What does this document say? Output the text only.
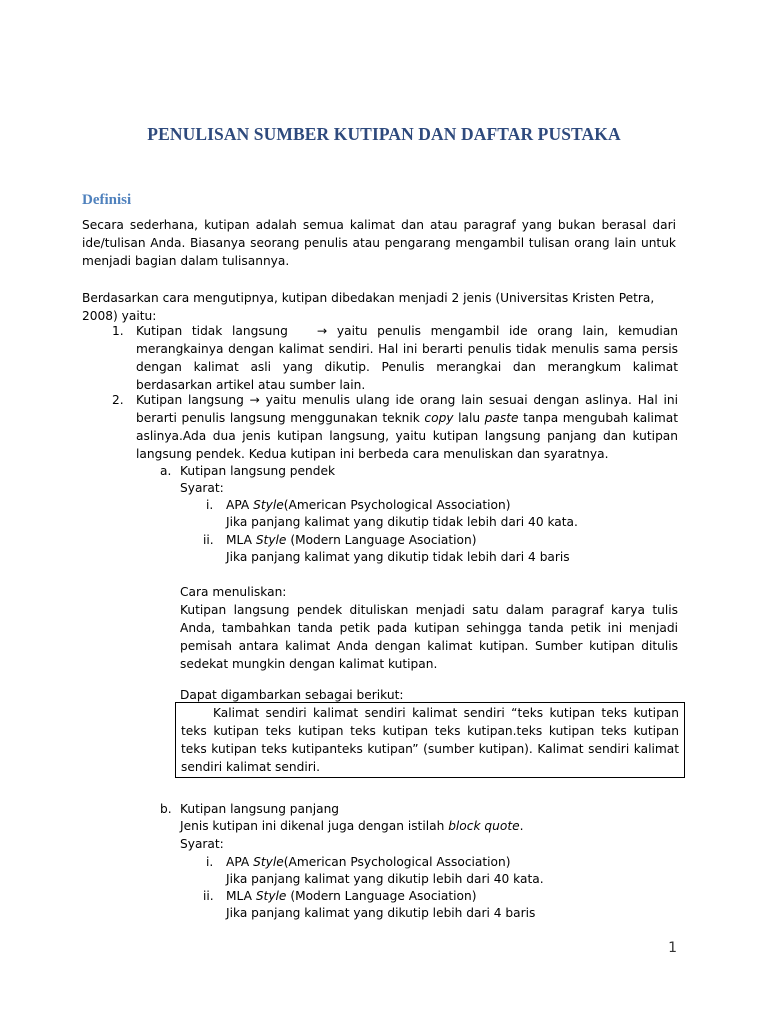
PENULISAN SUMBER KUTIPAN DAN DAFTAR PUSTAKA
Definisi
Secara sederhana, kutipan adalah semua kalimat dan atau paragraf yang bukan berasal dari ide/tulisan Anda. Biasanya seorang penulis atau pengarang mengambil tulisan orang lain untuk menjadi bagian dalam tulisannya.
Berdasarkan cara mengutipnya, kutipan dibedakan menjadi 2 jenis (Universitas Kristen Petra, 2008) yaitu:
1. Kutipan tidak langsung → yaitu penulis mengambil ide orang lain, kemudian merangkainya dengan kalimat sendiri. Hal ini berarti penulis tidak menulis sama persis dengan kalimat asli yang dikutip. Penulis merangkai dan merangkum kalimat berdasarkan artikel atau sumber lain.
2. Kutipan langsung → yaitu menulis ulang ide orang lain sesuai dengan aslinya. Hal ini berarti penulis langsung menggunakan teknik copy lalu paste tanpa mengubah kalimat aslinya.Ada dua jenis kutipan langsung, yaitu kutipan langsung panjang dan kutipan langsung pendek. Kedua kutipan ini berbeda cara menuliskan dan syaratnya.
a. Kutipan langsung pendek
Syarat:
i. APA Style(American Psychological Association)
Jika panjang kalimat yang dikutip tidak lebih dari 40 kata.
ii. MLA Style (Modern Language Asociation)
Jika panjang kalimat yang dikutip tidak lebih dari 4 baris
Cara menuliskan:
Kutipan langsung pendek dituliskan menjadi satu dalam paragraf karya tulis Anda, tambahkan tanda petik pada kutipan sehingga tanda petik ini menjadi pemisah antara kalimat Anda dengan kalimat kutipan. Sumber kutipan ditulis sedekat mungkin dengan kalimat kutipan.
Dapat digambarkan sebagai berikut:
Kalimat sendiri kalimat sendiri kalimat sendiri “teks kutipan teks kutipan teks kutipan teks kutipan teks kutipan teks kutipan.teks kutipan teks kutipan teks kutipan teks kutipanteks kutipan” (sumber kutipan). Kalimat sendiri kalimat sendiri kalimat sendiri.
b. Kutipan langsung panjang
Jenis kutipan ini dikenal juga dengan istilah block quote.
Syarat:
i. APA Style(American Psychological Association)
Jika panjang kalimat yang dikutip lebih dari 40 kata.
ii. MLA Style (Modern Language Asociation)
Jika panjang kalimat yang dikutip lebih dari 4 baris
1
